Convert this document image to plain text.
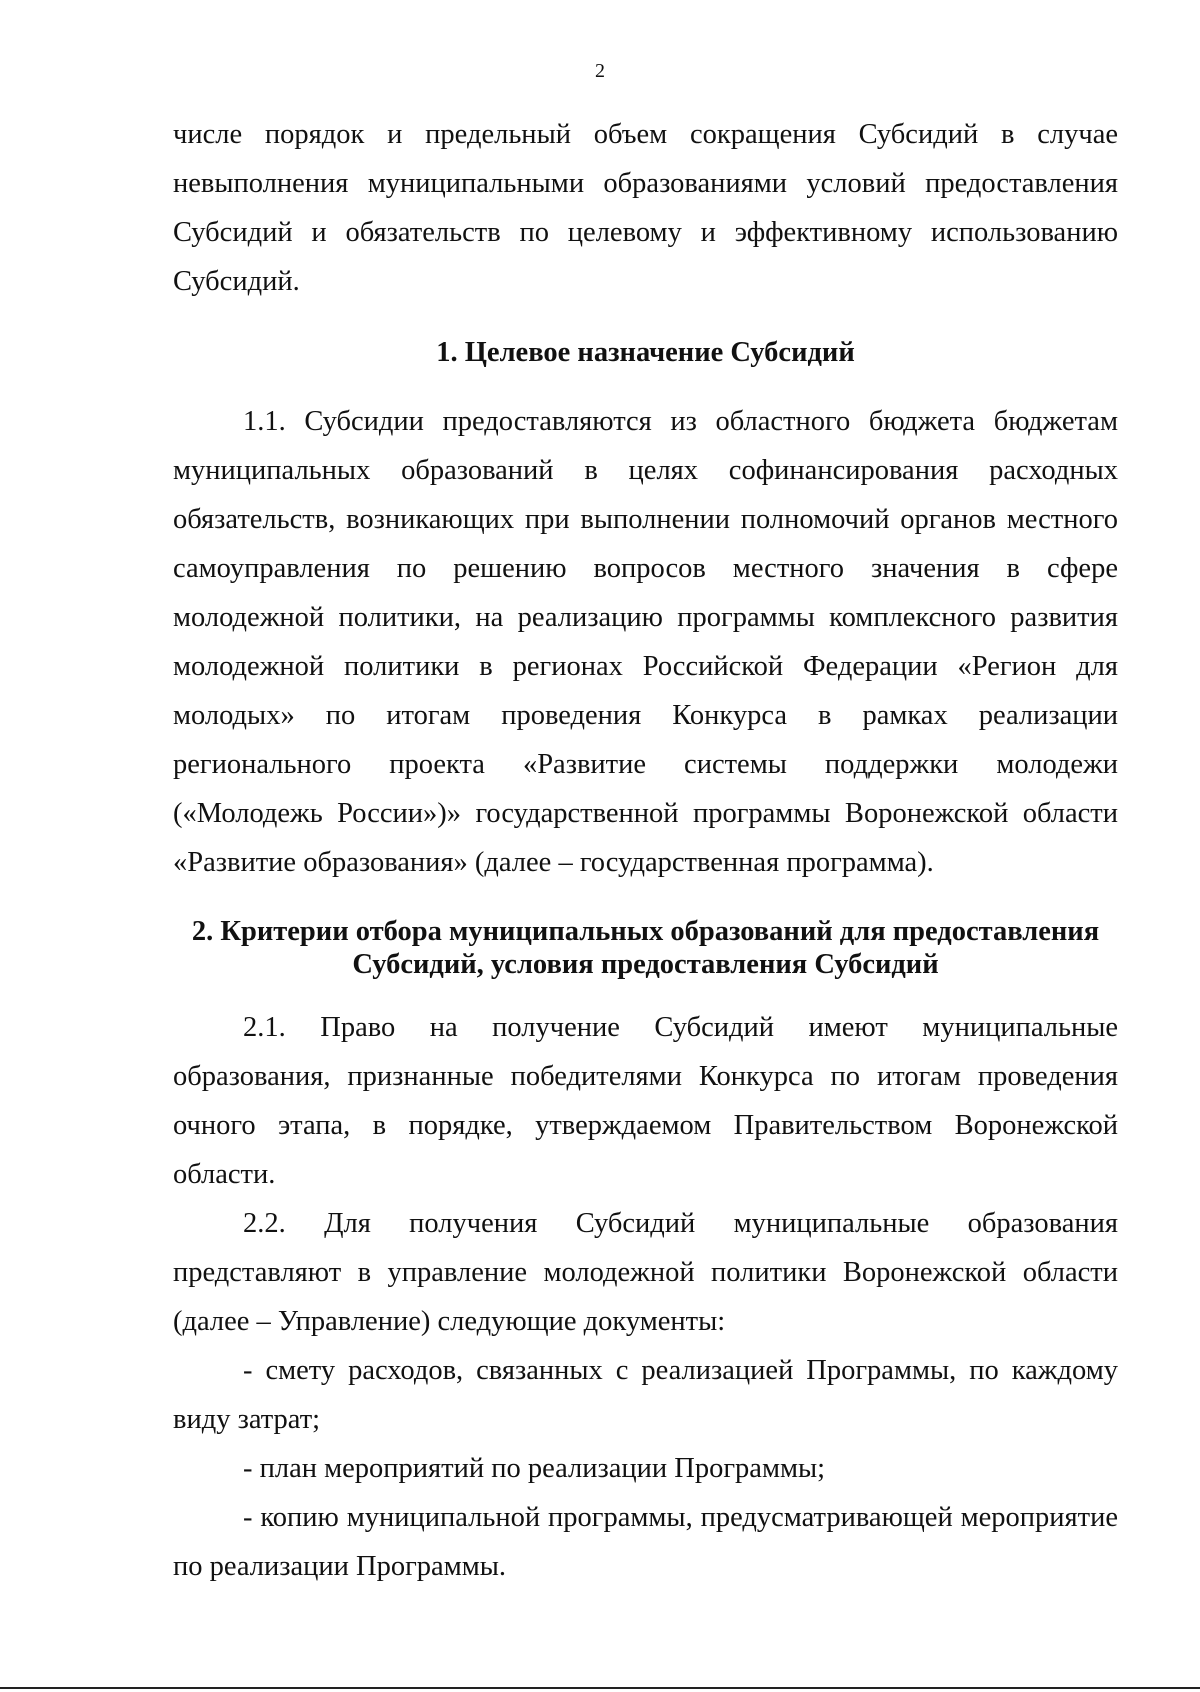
2

числе порядок и предельный объем сокращения Субсидий в случае невыполнения муниципальными образованиями условий предоставления Субсидий и обязательств по целевому и эффективному использованию Субсидий.

1. Целевое назначение Субсидий

1.1. Субсидии предоставляются из областного бюджета бюджетам муниципальных образований в целях софинансирования расходных обязательств, возникающих при выполнении полномочий органов местного самоуправления по решению вопросов местного значения в сфере молодежной политики, на реализацию программы комплексного развития молодежной политики в регионах Российской Федерации «Регион для молодых» по итогам проведения Конкурса в рамках реализации регионального проекта «Развитие системы поддержки молодежи («Молодежь России»)» государственной программы Воронежской области «Развитие образования» (далее – государственная программа).

2. Критерии отбора муниципальных образований для предоставления
Субсидий, условия предоставления Субсидий

2.1. Право на получение Субсидий имеют муниципальные образования, признанные победителями Конкурса по итогам проведения очного этапа, в порядке, утверждаемом Правительством Воронежской области.

2.2. Для получения Субсидий муниципальные образования представляют в управление молодежной политики Воронежской области (далее – Управление) следующие документы:

- смету расходов, связанных с реализацией Программы, по каждому виду затрат;

- план мероприятий по реализации Программы;

- копию муниципальной программы, предусматривающей мероприятие по реализации Программы.
